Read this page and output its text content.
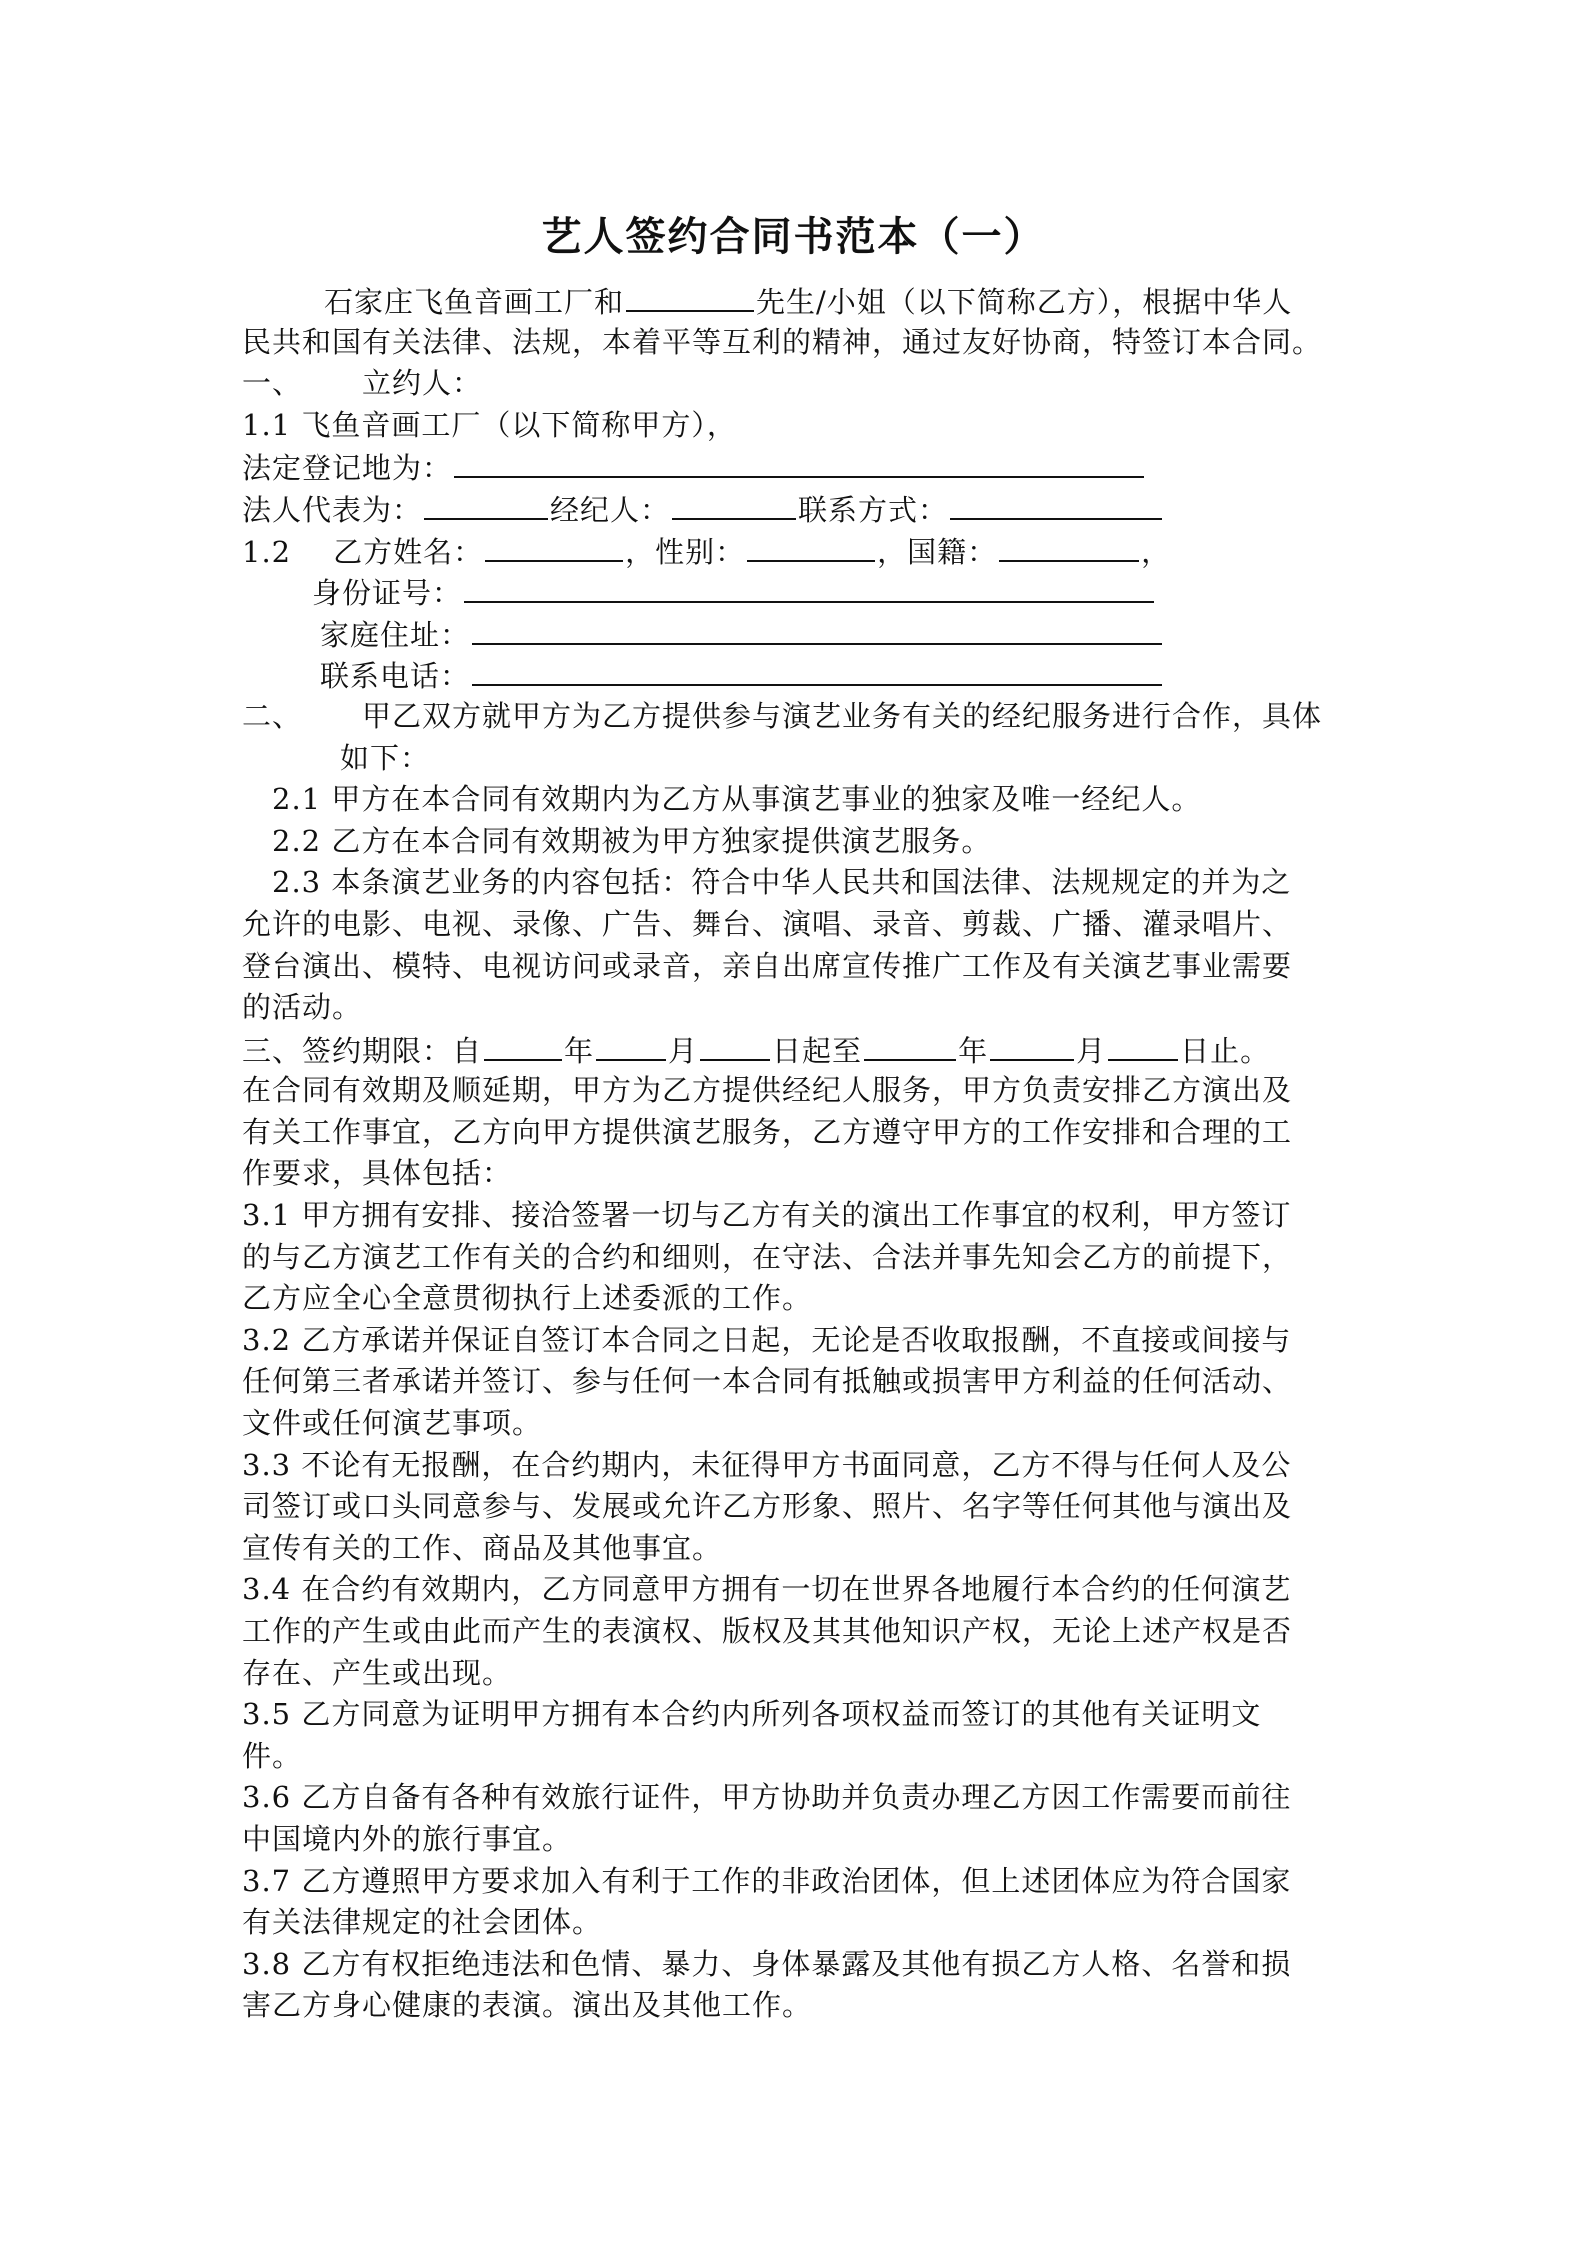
艺人签约合同书范本（一）
石家庄飞鱼音画工厂和	先生/小姐（以下简称乙方），根据中华人
民共和国有关法律、法规，本着平等互利的精神，通过友好协商，特签订本合同。
一、 立约人：
1.1 飞鱼音画工厂（以下简称甲方），
法定登记地为：
法人代表为：	经纪人：	联系方式：
1.2 乙方姓名：	，性别：	，国籍：	，
身份证号：
家庭住址：
联系电话：
二、 甲乙双方就甲方为乙方提供参与演艺业务有关的经纪服务进行合作，具体
如下：
2.1 甲方在本合同有效期内为乙方从事演艺事业的独家及唯一经纪人。
2.2 乙方在本合同有效期被为甲方独家提供演艺服务。
2.3 本条演艺业务的内容包括：符合中华人民共和国法律、法规规定的并为之
允许的电影、电视、录像、广告、舞台、演唱、录音、剪裁、广播、灌录唱片、
登台演出、模特、电视访问或录音，亲自出席宣传推广工作及有关演艺事业需要
的活动。
三、签约期限：自	年	月	日起至	年	月	日止。
在合同有效期及顺延期，甲方为乙方提供经纪人服务，甲方负责安排乙方演出及
有关工作事宜，乙方向甲方提供演艺服务，乙方遵守甲方的工作安排和合理的工
作要求，具体包括：
3.1 甲方拥有安排、接洽签署一切与乙方有关的演出工作事宜的权利，甲方签订
的与乙方演艺工作有关的合约和细则，在守法、合法并事先知会乙方的前提下，
乙方应全心全意贯彻执行上述委派的工作。
3.2 乙方承诺并保证自签订本合同之日起，无论是否收取报酬，不直接或间接与
任何第三者承诺并签订、参与任何一本合同有抵触或损害甲方利益的任何活动、
文件或任何演艺事项。
3.3 不论有无报酬，在合约期内，未征得甲方书面同意，乙方不得与任何人及公
司签订或口头同意参与、发展或允许乙方形象、照片、名字等任何其他与演出及
宣传有关的工作、商品及其他事宜。
3.4 在合约有效期内，乙方同意甲方拥有一切在世界各地履行本合约的任何演艺
工作的产生或由此而产生的表演权、版权及其其他知识产权，无论上述产权是否
存在、产生或出现。
3.5 乙方同意为证明甲方拥有本合约内所列各项权益而签订的其他有关证明文
件。
3.6 乙方自备有各种有效旅行证件，甲方协助并负责办理乙方因工作需要而前往
中国境内外的旅行事宜。
3.7 乙方遵照甲方要求加入有利于工作的非政治团体，但上述团体应为符合国家
有关法律规定的社会团体。
3.8 乙方有权拒绝违法和色情、暴力、身体暴露及其他有损乙方人格、名誉和损
害乙方身心健康的表演。演出及其他工作。
